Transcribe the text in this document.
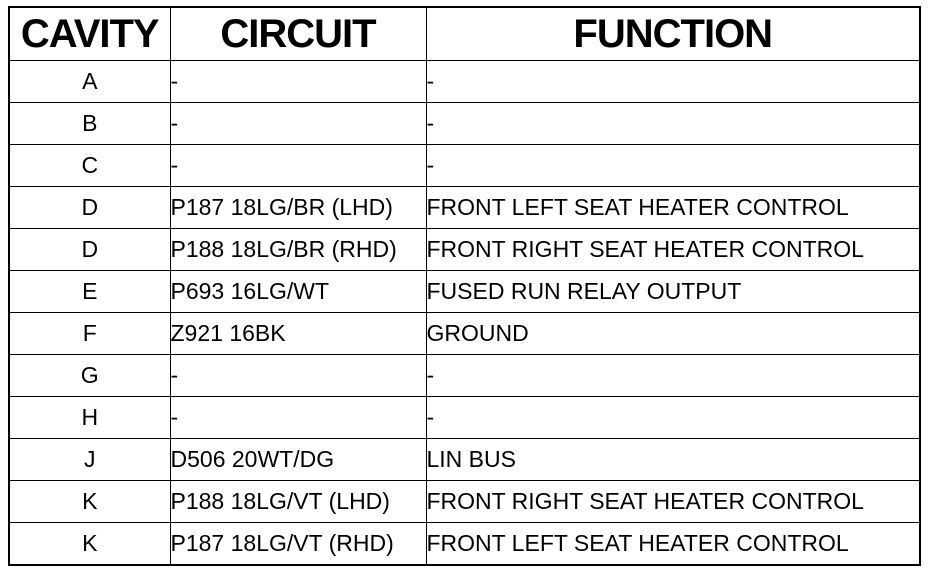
CAVITY	CIRCUIT	FUNCTION
A	-	-
B	-	-
C	-	-
D	P187 18LG/BR (LHD)	FRONT LEFT SEAT HEATER CONTROL
D	P188 18LG/BR (RHD)	FRONT RIGHT SEAT HEATER CONTROL
E	P693 16LG/WT	FUSED RUN RELAY OUTPUT
F	Z921 16BK	GROUND
G	-	-
H	-	-
J	D506 20WT/DG	LIN BUS
K	P188 18LG/VT (LHD)	FRONT RIGHT SEAT HEATER CONTROL
K	P187 18LG/VT (RHD)	FRONT LEFT SEAT HEATER CONTROL
